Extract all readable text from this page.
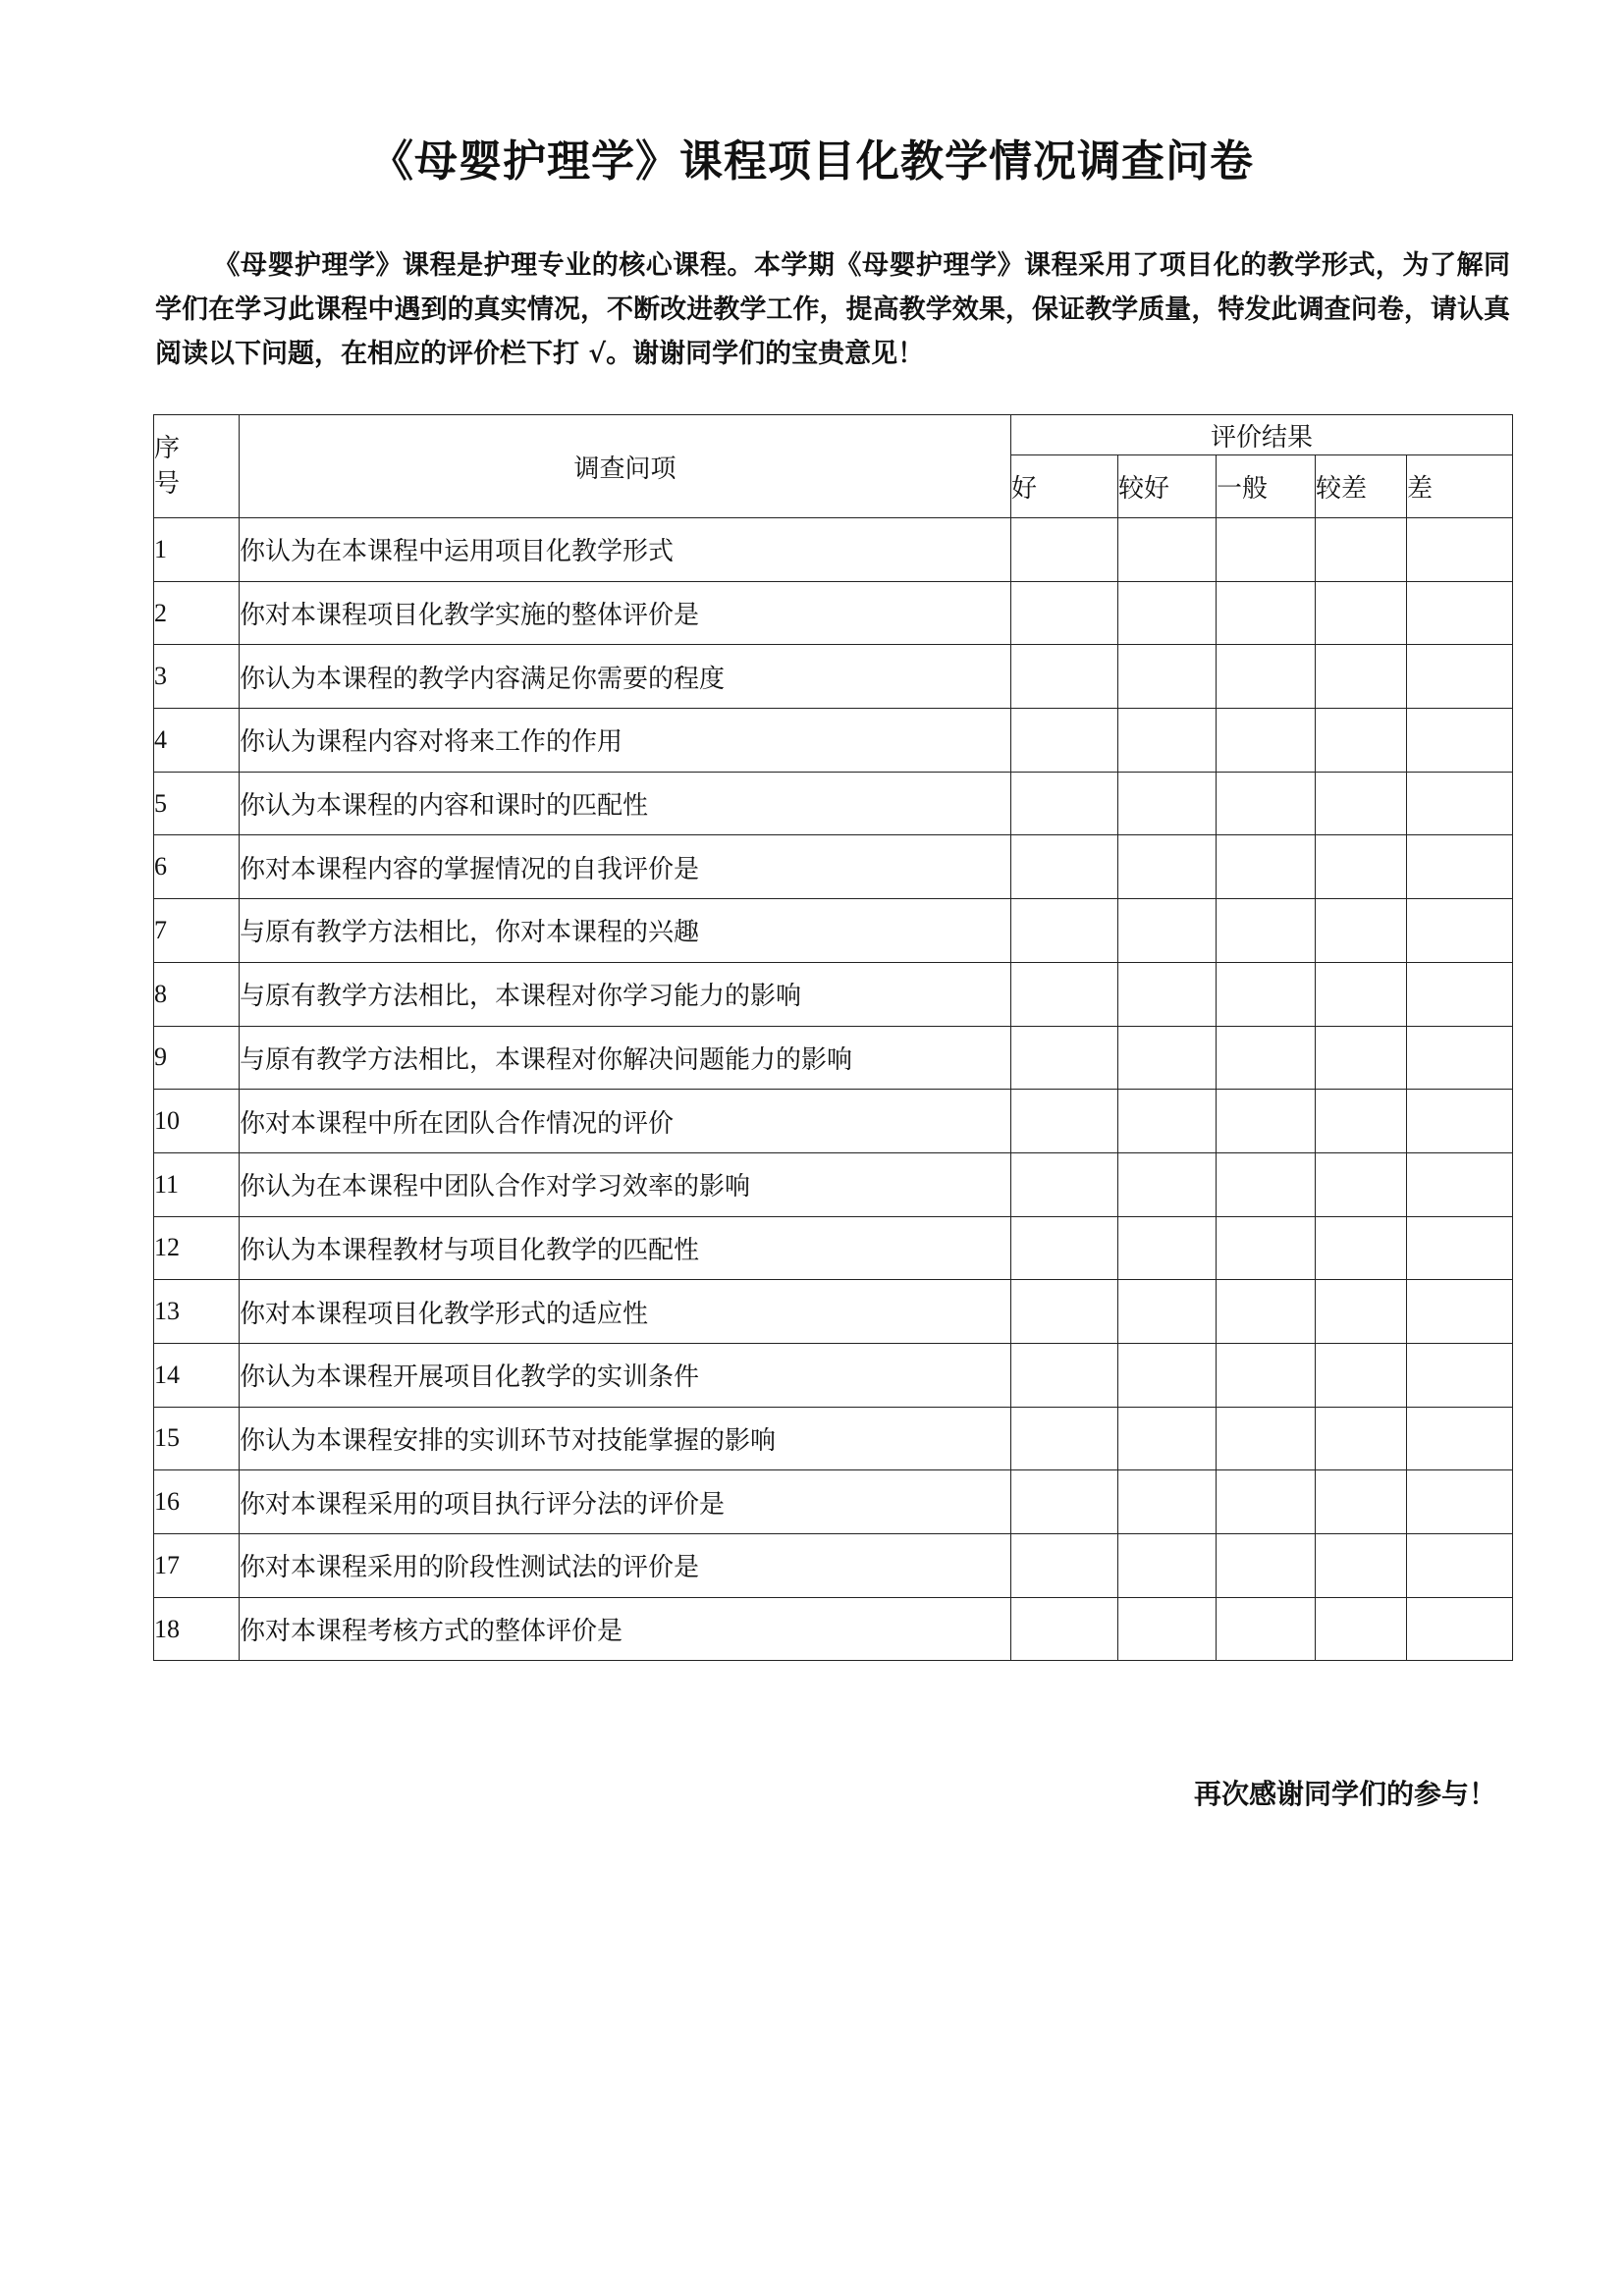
《母婴护理学》课程项目化教学情况调查问卷
《母婴护理学》课程是护理专业的核心课程。本学期《母婴护理学》课程采用了项目化的教学形式，为了解同学们在学习此课程中遇到的真实情况，不断改进教学工作，提高教学效果，保证教学质量，特发此调查问卷，请认真阅读以下问题，在相应的评价栏下打 √。谢谢同学们的宝贵意见！
序号	调查问项	评价结果				
		好	较好	一般	较差	差
1	你认为在本课程中运用项目化教学形式					
2	你对本课程项目化教学实施的整体评价是					
3	你认为本课程的教学内容满足你需要的程度					
4	你认为课程内容对将来工作的作用					
5	你认为本课程的内容和课时的匹配性					
6	你对本课程内容的掌握情况的自我评价是					
7	与原有教学方法相比，你对本课程的兴趣					
8	与原有教学方法相比，本课程对你学习能力的影响					
9	与原有教学方法相比，本课程对你解决问题能力的影响					
10	你对本课程中所在团队合作情况的评价					
11	你认为在本课程中团队合作对学习效率的影响					
12	你认为本课程教材与项目化教学的匹配性					
13	你对本课程项目化教学形式的适应性					
14	你认为本课程开展项目化教学的实训条件					
15	你认为本课程安排的实训环节对技能掌握的影响					
16	你对本课程采用的项目执行评分法的评价是					
17	你对本课程采用的阶段性测试法的评价是					
18	你对本课程考核方式的整体评价是					
再次感谢同学们的参与！
